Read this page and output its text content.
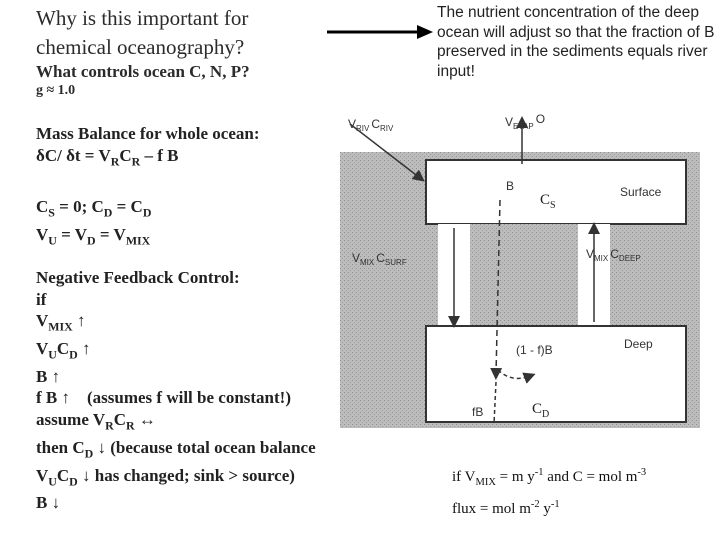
Why is this important for
chemical oceanography?
What controls ocean C, N, P?
g ≈ 1.0
The nutrient concentration of the deep ocean will adjust so that the fraction of B preserved in the sediments equals river input!
Mass Balance for whole ocean:
δC/ $\delta t = V_RC_R - f$ B
$C_S = 0$; $C_D = C_D$
$V_U = V_D = V_{MIX}$
Negative Feedback Control:
if
$V_{MIX}$ ↑
$V_UC_D$ ↑
B ↑
f B ↑ (assumes f will be constant!)
assume $V_RC_R$ ↔
then $C_D$ ↓ (because total ocean balance
$V_UC_D$ ↓ has changed; sink > source)
B ↓
$V_{RIV}$ $C_{RIV}$	$V_{EVAP}O$
B
$C_S$
Surface
$V_{MIX}$ $C_{SURF}$
$V_{MIX}$ $C_{DEEP}$
(1 - f)B	Deep
fB	$C_D$
if $V_{MIX} = m$ $y^{-1}$ and C = mol $m^{-3}$
flux = mol $m^{-2}$ $y^{-1}$
